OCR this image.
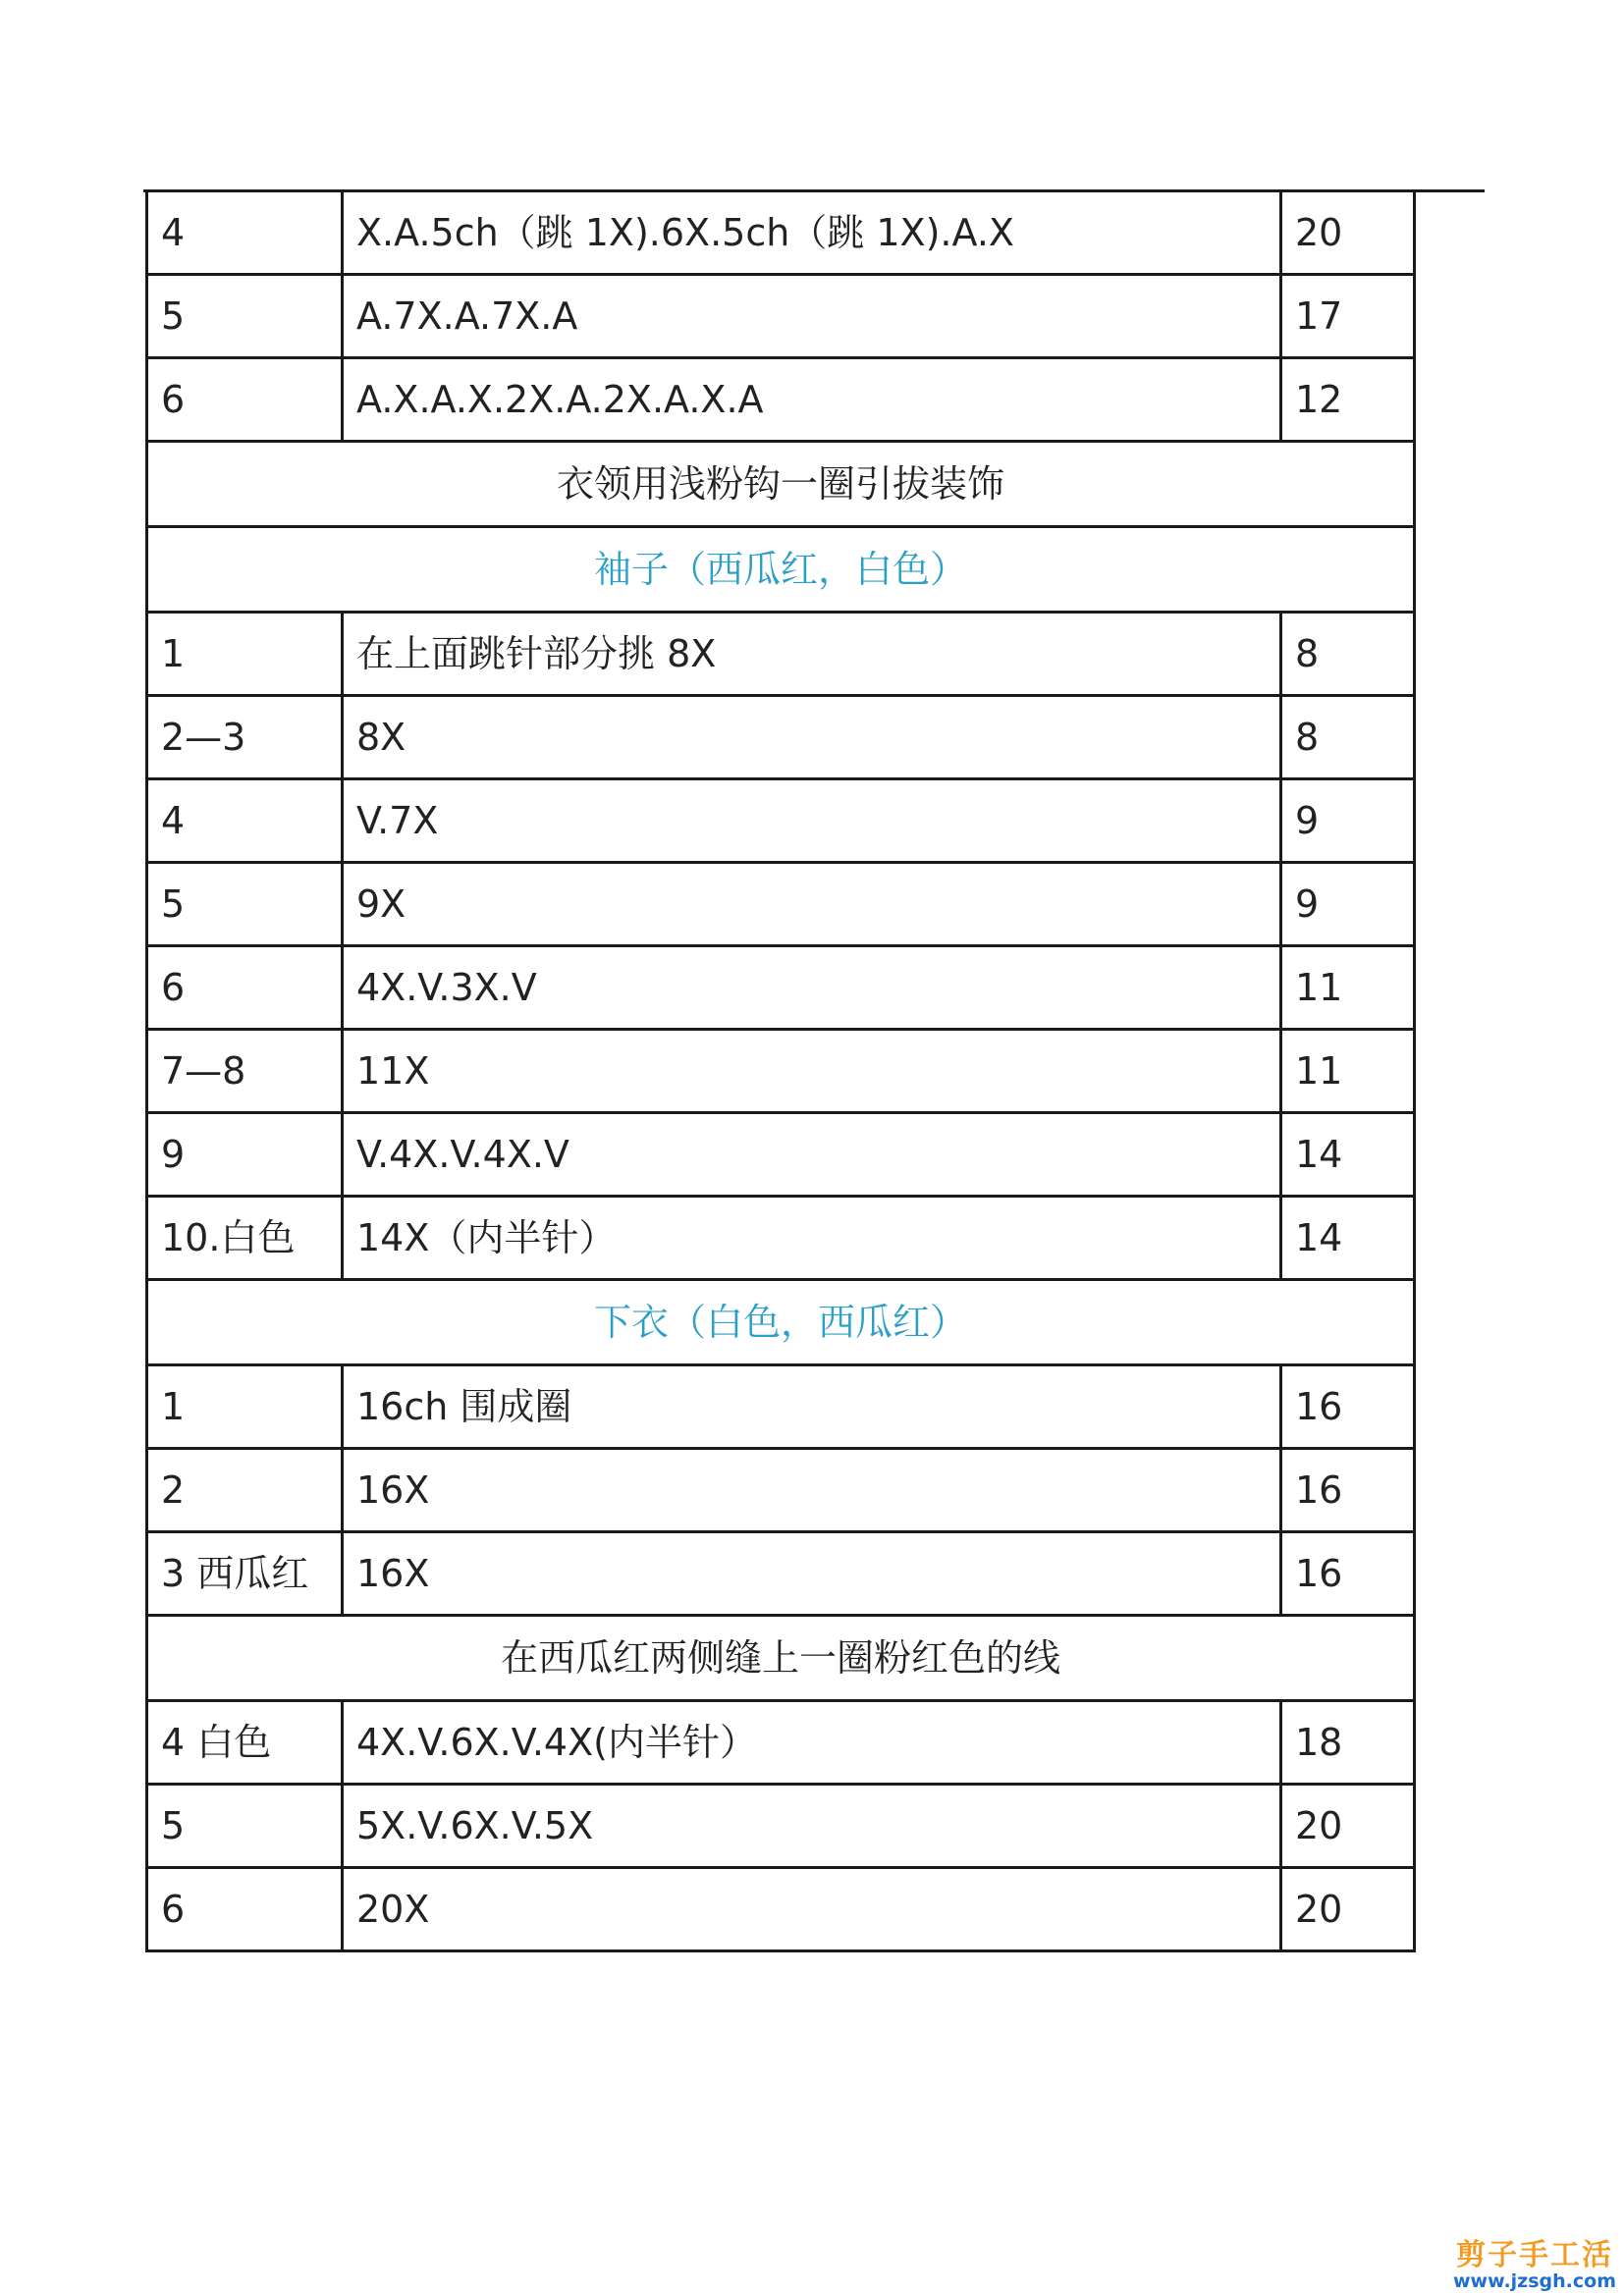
4	X.A.5ch（跳 1X).6X.5ch（跳 1X).A.X	20
5	A.7X.A.7X.A	17
6	A.X.A.X.2X.A.2X.A.X.A	12
衣领用浅粉钩一圈引拔装饰		
袖子（西瓜红，白色）		
1	在上面跳针部分挑 8X	8
2—3	8X	8
4	V.7X	9
5	9X	9
6	4X.V.3X.V	11
7—8	11X	11
9	V.4X.V.4X.V	14
10.白色	14X（内半针）	14
下衣（白色，西瓜红）		
1	16ch 围成圈	16
2	16X	16
3 西瓜红	16X	16
在西瓜红两侧缝上一圈粉红色的线		
4 白色	4X.V.6X.V.4X(内半针）	18
5	5X.V.6X.V.5X	20
6	20X	20
剪子手工活
www.jzsgh.com
